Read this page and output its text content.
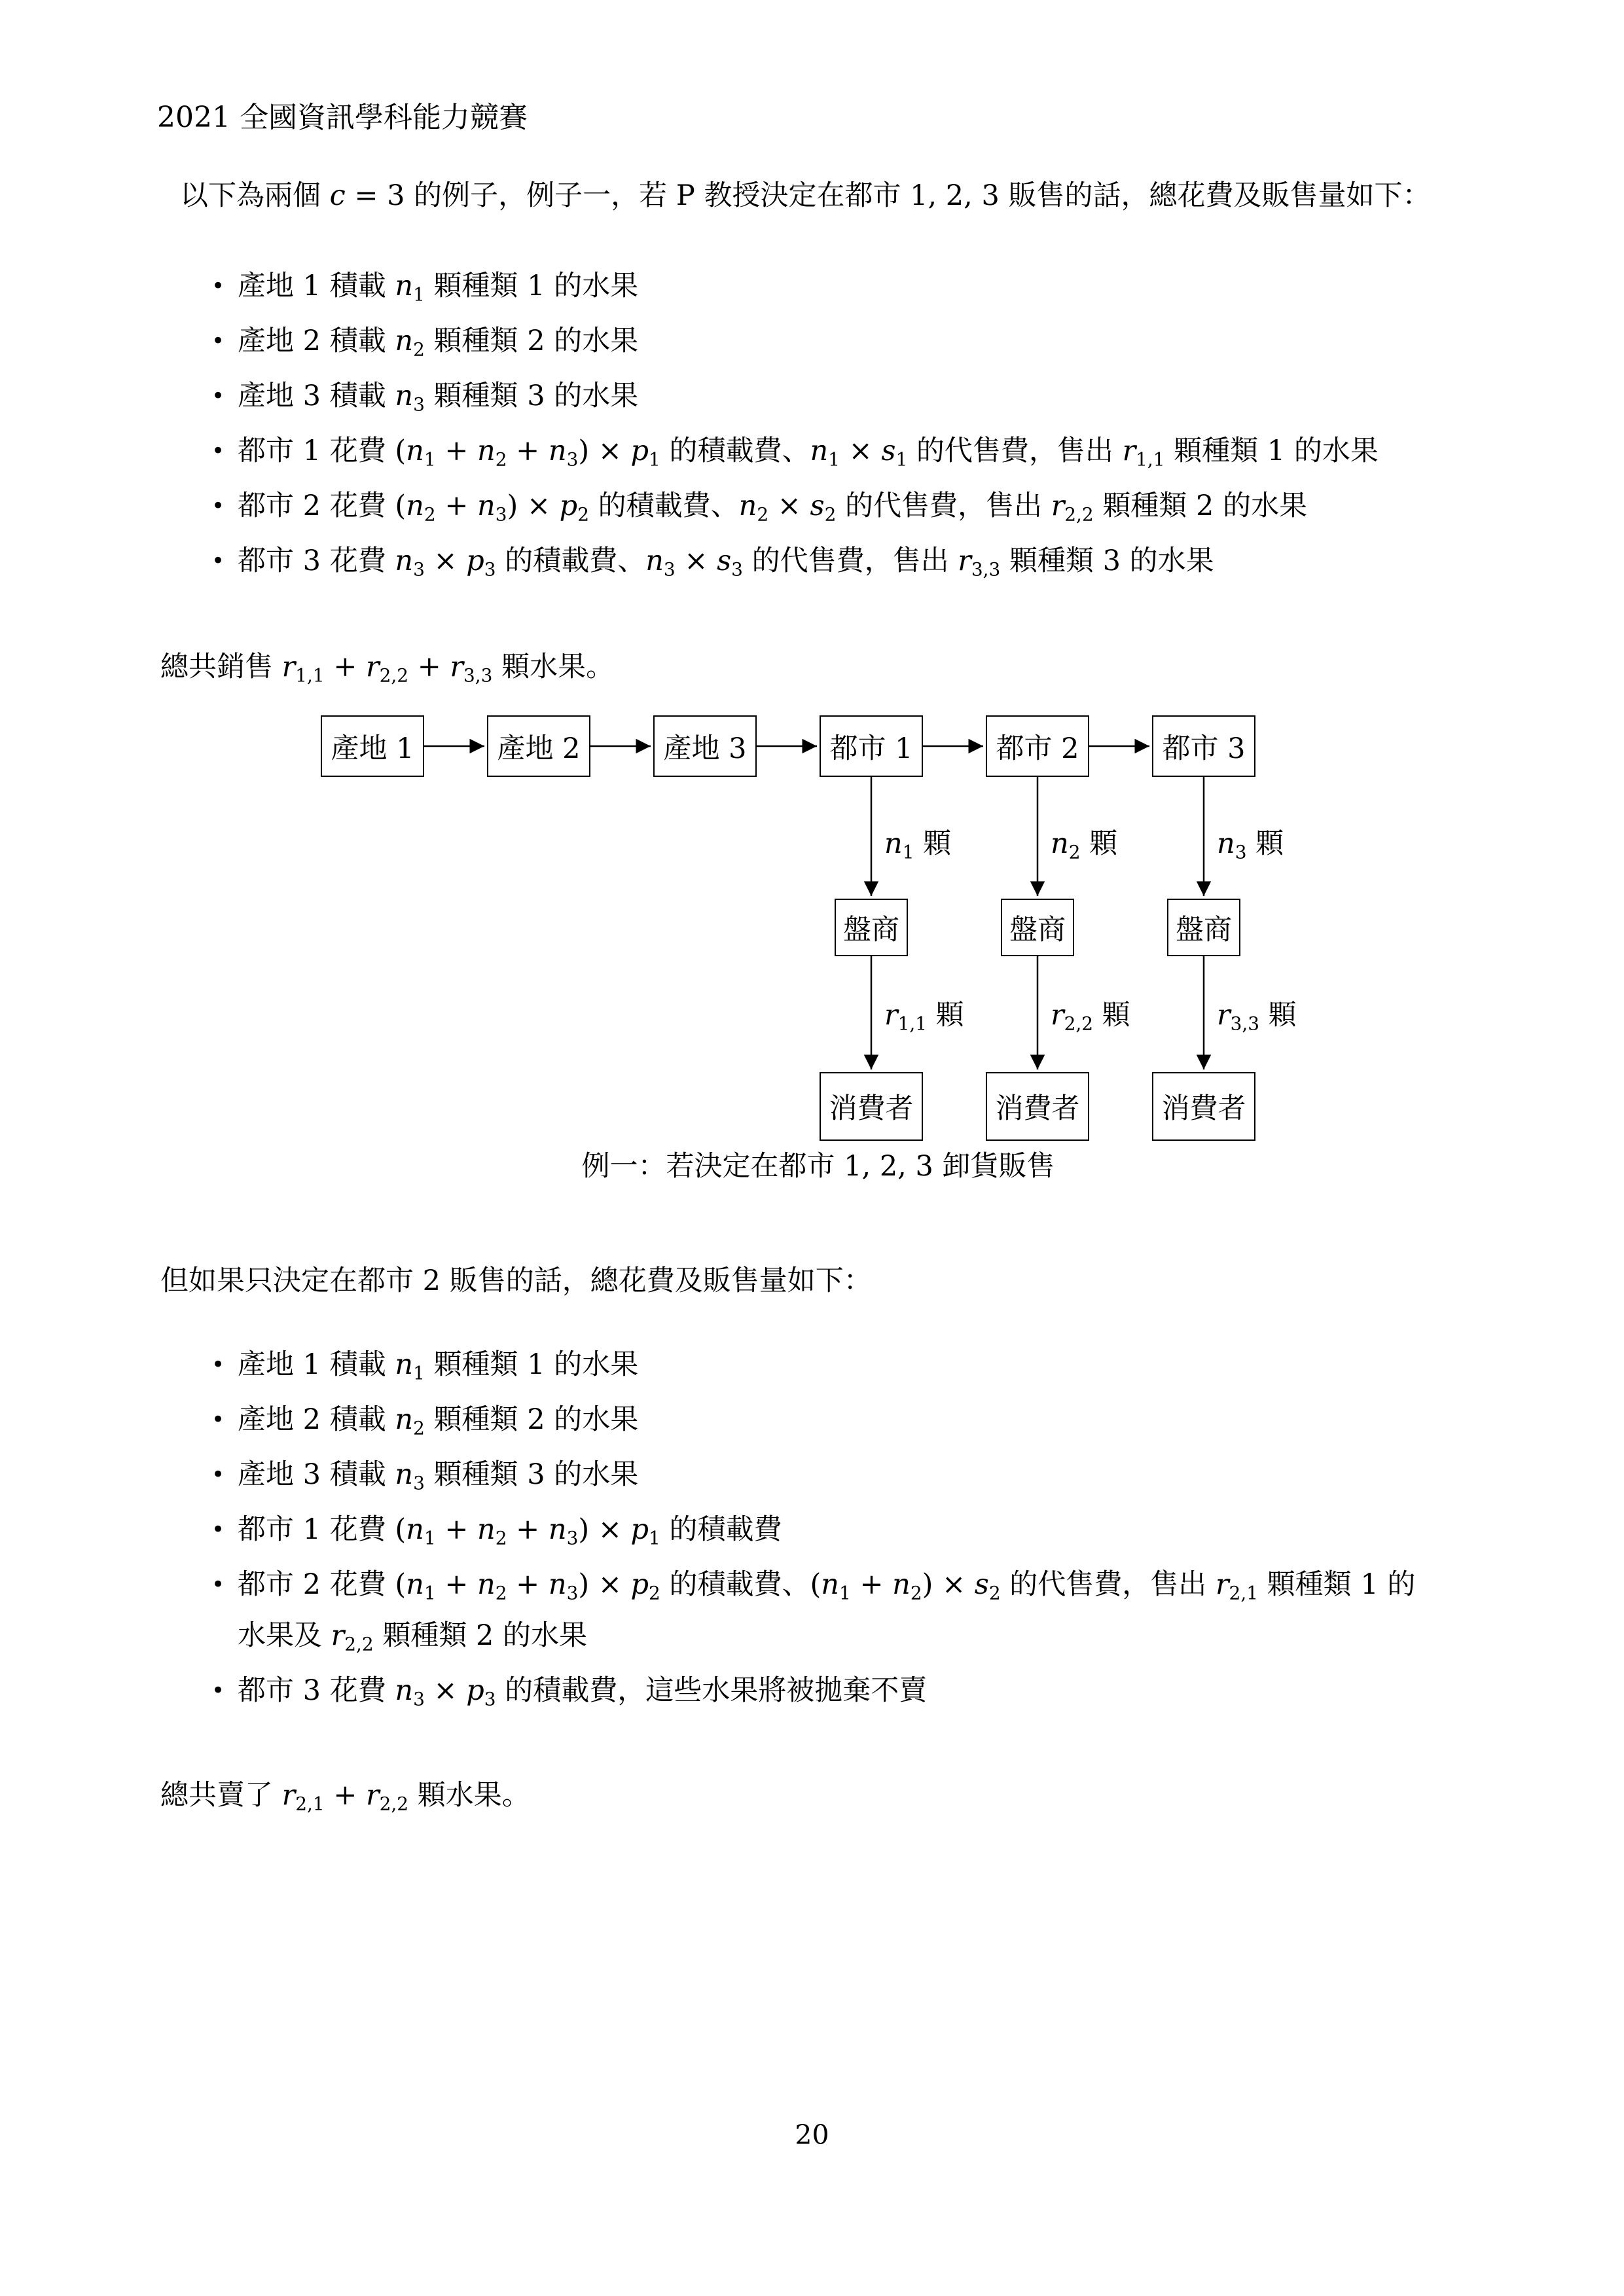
2021 全國資訊學科能力競賽
以下為兩個 c = 3 的例子，例子一，若 P 教授決定在都市 1, 2, 3 販售的話，總花費及販售量如下：
• 產地 1 積載 $n_1$ 顆種類 1 的水果
• 產地 2 積載 $n_2$ 顆種類 2 的水果
• 產地 3 積載 $n_3$ 顆種類 3 的水果
• 都市 1 花費 $(n_1 + n_2 + n_3) \times p_1$ 的積載費、$n_1 \times s_1$ 的代售費，售出 $r_{1,1}$ 顆種類 1 的水果
• 都市 2 花費 $(n_2 + n_3) \times p_2$ 的積載費、$n_2 \times s_2$ 的代售費，售出 $r_{2,2}$ 顆種類 2 的水果
• 都市 3 花費 $n_3 \times p_3$ 的積載費、$n_3 \times s_3$ 的代售費，售出 $r_{3,3}$ 顆種類 3 的水果
總共銷售 $r_{1,1} + r_{2,2} + r_{3,3}$ 顆水果。
產地 1	產地 2	產地 3	都市 1	都市 2	都市 3
$n_1$ 顆	$n_2$ 顆	$n_3$ 顆
盤商	盤商	盤商
$r_{1,1}$ 顆	$r_{2,2}$ 顆	$r_{3,3}$ 顆
消費者	消費者	消費者
例一：若決定在都市 1, 2, 3 卸貨販售
但如果只決定在都市 2 販售的話，總花費及販售量如下：
• 產地 1 積載 $n_1$ 顆種類 1 的水果
• 產地 2 積載 $n_2$ 顆種類 2 的水果
• 產地 3 積載 $n_3$ 顆種類 3 的水果
• 都市 1 花費 $(n_1 + n_2 + n_3) \times p_1$ 的積載費
• 都市 2 花費 $(n_1 + n_2 + n_3) \times p_2$ 的積載費、$(n_1 + n_2) \times s_2$ 的代售費，售出 $r_{2,1}$ 顆種類 1 的
水果及 $r_{2,2}$ 顆種類 2 的水果
• 都市 3 花費 $n_3 \times p_3$ 的積載費，這些水果將被拋棄不賣
總共賣了 $r_{2,1} + r_{2,2}$ 顆水果。
20
